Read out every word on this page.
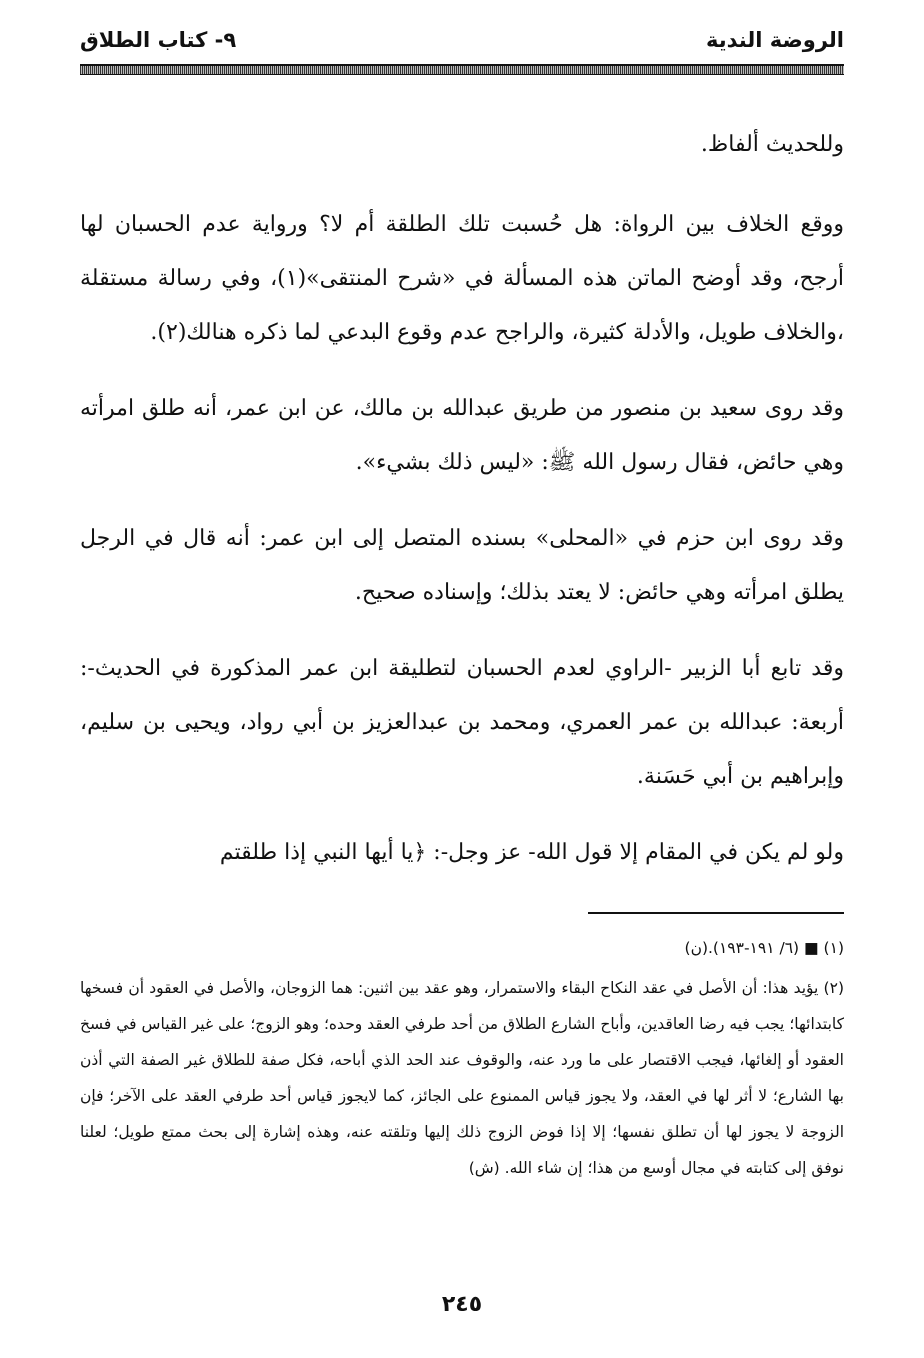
الروضة الندية
٩- كتاب الطلاق

وللحديث ألفاظ.

ووقع الخلاف بين الرواة: هل حُسبت تلك الطلقة أم لا؟ ورواية عدم الحسبان لها أرجح، وقد أوضح الماتن هذه المسألة في «شرح المنتقى»(١)، وفي رسالة مستقلة ،والخلاف طويل، والأدلة كثيرة، والراجح عدم وقوع البدعي لما ذكره هنالك(٢).

وقد روى سعيد بن منصور من طريق عبدالله بن مالك، عن ابن عمر، أنه طلق امرأته وهي حائض، فقال رسول الله ﷺ: «ليس ذلك بشيء».

وقد روى ابن حزم في «المحلى» بسنده المتصل إلى ابن عمر: أنه قال في الرجل يطلق امرأته وهي حائض: لا يعتد بذلك؛ وإسناده صحيح.

وقد تابع أبا الزبير -الراوي لعدم الحسبان لتطليقة ابن عمر المذكورة في الحديث-: أربعة: عبدالله بن عمر العمري، ومحمد بن عبدالعزيز بن أبي رواد، ويحيى بن سليم، وإبراهيم بن أبي حَسَنة.

ولو لم يكن في المقام إلا قول الله- عز وجل-: ﴿يا أيها النبي إذا طلقتم

(١) ■ (٦/ ١٩١-١٩٣).(ن)

(٢) يؤيد هذا: أن الأصل في عقد النكاح البقاء والاستمرار، وهو عقد بين اثنين: هما الزوجان، والأصل في العقود أن فسخها كابتدائها؛ يجب فيه رضا العاقدين، وأباح الشارع الطلاق من أحد طرفي العقد وحده؛ وهو الزوج؛ على غير القياس في فسخ العقود أو إلغائها، فيجب الاقتصار على ما ورد عنه، والوقوف عند الحد الذي أباحه، فكل صفة للطلاق غير الصفة التي أذن بها الشارع؛ لا أثر لها في العقد، ولا يجوز قياس الممنوع على الجائز، كما لايجوز قياس أحد طرفي العقد على الآخر؛ فإن الزوجة لا يجوز لها أن تطلق نفسها؛ إلا إذا فوض الزوج ذلك إليها وتلقته عنه، وهذه إشارة إلى بحث ممتع طويل؛ لعلنا نوفق إلى كتابته في مجال أوسع من هذا؛ إن شاء الله. (ش)

٢٤٥
